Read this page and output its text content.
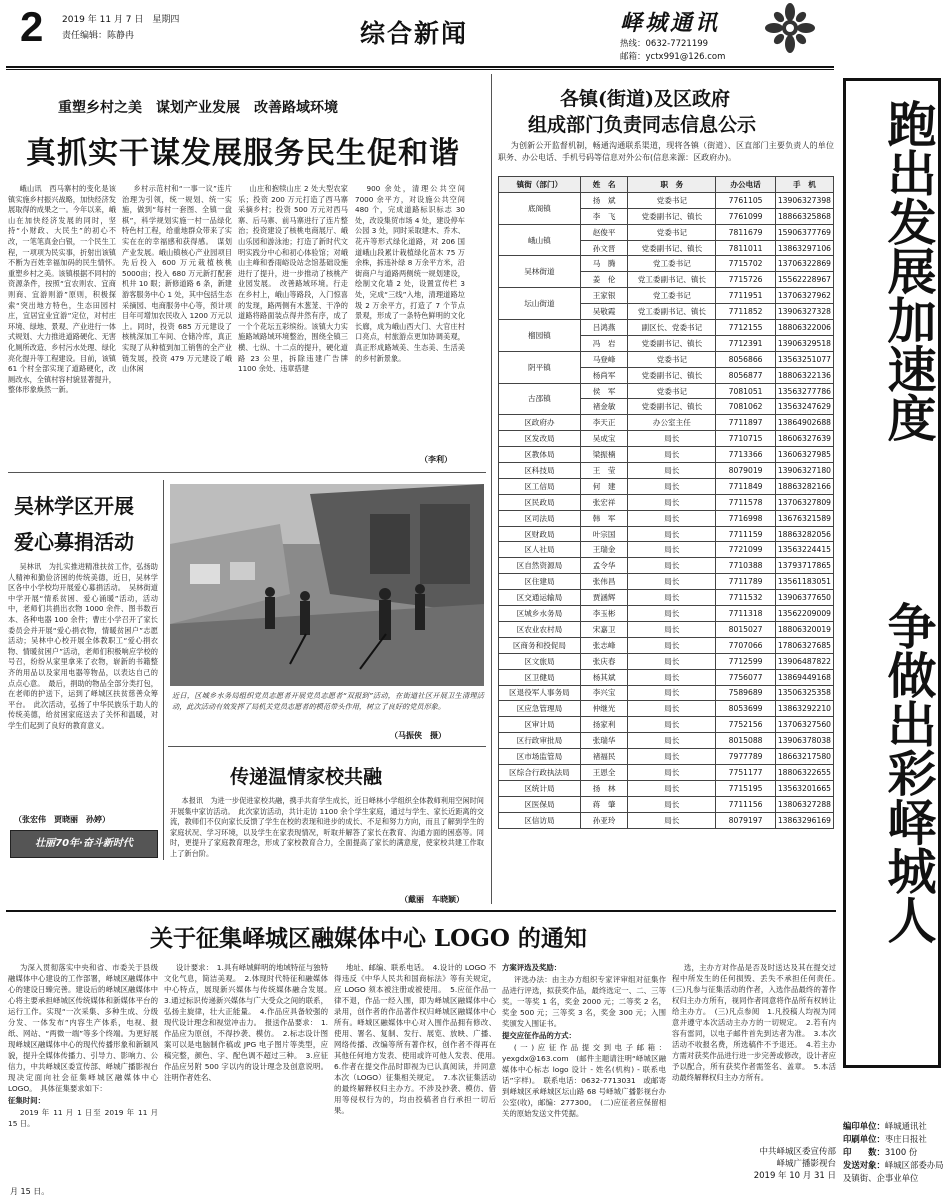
2 2019 年 11 月 7 日　星期四
责任编辑：陈静冉	综合新闻	峄城通讯
热线：0632-7721199
邮箱：yctx991@126.com
跑出发展加速度
争做出彩峄城人
重塑乡村之美　谋划产业发展　改善路域环境
真抓实干谋发展服务民生促和谐

峨山讯　西马寨村的变化是该镇实施乡村振兴战略，加快经济发展取得的成果之一。今年以来，峨山在加快经济发展的同时，坚持“小财政、大民生”的初心不改，一笔笔真金白银，一个民生工程，一项项为民实事，折射出该镇不断为百姓幸福加码的民生情怀。　重塑乡村之美。该镇根据不同村的资源条件，按照“宜农则农、宜商则商、宜游则游”原则，积极探索“突出地方特色，生态田园村庄，宜居宜业宜游”定位，对村庄环境、绿地、景观、产业进行一体式规划、大力推进道路硬化、无害化厕所改造、乡村污水处理、绿化亮化提升等工程建设。目前，该镇 61 个村全部实现了道路硬化，改厕改水，全镇村容村貌显著提升，整体形象焕然一新。

乡村示范村和“一事一议”连片治理为引领，统一规划、统一实施，做到“每村一套图、全镇一盘棋”，科学规划实施一村一品绿化特色村工程，给重地群众带来了实实在在的幸福感和获得感。　谋划产业发展。峨山镇核心产业园项目先后投入 600 万元栽植核桃 5000亩；投入 680 万元新打配套机井 10 眼；新修道路 6 条，新建游客服务中心 1 处，其中包括生态采摘园、电商服务中心等，预计项目年可增加农民收入 1200 万元以上。同时，投资 685 万元建设了核桃深加工车间、仓储冷库，真正实现了从种植到加工销售的全产业链发展，投资 479 万元建设了峨山休闲

山庄和抱犊山庄 2 处大型农家乐；投资 200 万元打造了西马寨采摘乡村；投资 500 万元对西马寨、后马寨、前马寨进行了连片整治；投资建设了核桃电商展厅、峨山乐园和游泳池；打造了新时代文明实践分中心和初心体验馆；对峨山主峰和香雨峪设站念馆基础设施进行了提升，进一步推动了核桃产业园发展。　改善路域环境。行走在乡村上，峨山等路段，入门惊喜的发现，路两侧有木葱茏、干净的道路将路面装点得井然有序，成了一个个花坛五彩缤纷。该镇大力实施路域路域环境整治，围绕全镇三横、七纵、十二点的提升，硬化道路 23 公里，拆除违建广告牌 1100 余处、违章搭建

900 余处，清理公共空间 7000 余平方，对设施公共空间 480 个，完成道路标识标志 30 处，改设集贸市场 4 处，建设停车公园 3 处，同时采取建木、乔木、花卉等形式绿化道路，对 206 国道峨山段累计栽植绿化苗木 75 万余株，拆违补绿 8 万余平方米，沿街商户与道路两侧统一规划建设，绘制文化墙 2 处，设置宣传栏 3 处，完成“三线”入地，清理道路垃圾 2 万余平方，打造了 7 个节点景观，形成了一条特色鲜明的文化长廊，成为峨山西大门、大官庄村口亮点，村旅游点更加协调美观，真正形成路域美、生态美、生活美的乡村新景象。

（李利）
吴林学区开展
爱心募捐活动

吴林讯　为扎实推进精准扶贫工作，弘扬助人精神和勤俭济困的传统美德，近日，吴林学区各中小学校均开展爱心募捐活动。　吴林街道中学开展“情系贫困、爱心涌暖”活动，活动中，老师们共捐出衣物 1000 余件、图书数百本、各种电器 100 余件；曹庄小学召开了家长委员会并开展“爱心捐衣物，情暖贫困户”志愿活动；吴林中心校开展全体教职工“爱心捐衣物、情暖贫困户”活动，老师们积极响应学校的号召，纷纷从家里拿来了衣物，崭新的书籍整齐的用品以及家用电器等物品，以表达自己的点点心意。　最后，捐助的物品全部分类打包，在老师的护送下，运到了峄城区扶贫慈善众筹平台。　此次活动，弘扬了中华民族乐于助人的传统美德，给贫困家庭送去了关怀和温暖，对学生们起到了良好的教育意义。

（张宏伟　贾晓丽　孙婷）
壮丽70年·奋斗新时代
近日，区城乡水务局组织党员志愿者开展党员志愿者“双报到”活动，在街道社区开展卫生清理活动，此次活动有效发挥了局机关党员志愿者的模范带头作用，树立了良好的党员形象。
（马振侠　摄）
传递温情家校共融

本报讯　为进一步促进家校共融，携手共育学生成长，近日峄林小学组织全体教师利用空闲时间开展集中家访活动。　此次家访活动，共计走访 1100 余个学生家庭，通过与学生、家长近距离的交流，教师们不仅向家长反馈了学生在校的表现和进步的成长、不足和努力方向，而且了解到学生的家庭状况、学习环境，以及学生在家表现情况，听取并解答了家长在教育、沟通方面的困惑等。同时，更提升了家庭教育理念，形成了家校教育合力，全面提高了家长的满意度，使家校共建工作取上了新台阶。

（戴丽　车晓颖）
各镇(街道)及区政府
组成部门负责同志信息公示

为创新公开监督机制，畅通沟通联系渠道，现将各镇（街道）、区直部门主要负责人的单位职务、办公电话、手机号码等信息对外公布(信息来源：区政府办)。

镇街（部门）	姓　名	职　务	办公电话	手　机
底阁镇	扬　斌	党委书记	7761105	13906327398
	李　飞	党委副书记、镇长	7761099	18866325868
峨山镇	赵俊平	党委书记	7811679	15906377769
	孙文晋	党委副书记、镇长	7811011	13863297106
吴林街道	马　腾	党工委书记	7715702	13706322869
	姜　伦	党工委副书记、镇长	7715726	15562228967
坛山街道	王家银	党工委书记	7711951	13706327962
	吴敬霞	党工委副书记、镇长	7711852	13906327328
榴园镇	吕鸿燕	副区长、党委书记	7712155	18806322006
	冯　岩	党委副书记、镇长	7712391	13906329518
阴平镇	马登峰	党委书记	8056866	13563251077
	杨尚军	党委副书记、镇长	8056877	18806322136
古邵镇	侯　军	党委书记	7081051	13563277786
	褚金敏	党委副书记、镇长	7081062	13563247629
区政府办	李天正	办公室主任	7711897	13864902688
区发改局	吴成宝	局长	7710715	18606327639
区教体局	梁振楠	局长	7713366	13606327985
区科技局	王　莹	局长	8079019	13906327180
区工信局	何　建	局长	7711849	18863282166
区民政局	张宏祥	局长	7711578	13706327809
区司法局	韩　军	局长	7716998	13676321589
区财政局	叶宗国	局长	7711159	18863282056
区人社局	王瑞金	局长	7721099	13563224415
区自然资源局	孟令华	局长	7710388	13793717865
区住建局	张伟昌	局长	7711789	13561183051
区交通运输局	贾涵辉	局长	7711532	13906377650
区城乡水务局	李玉彬	局长	7711318	13562209009
区农业农村局	宋嘉卫	局长	8015027	18806320019
区商务和投促局	张志峰	局长	7707066	17806327685
区文旅局	张庆春	局长	7712599	13906487822
区卫健局	杨其斌	局长	7756077	13869449168
区退役军人事务局	李兴宝	局长	7589689	13506325358
区应急管理局	仲继光	局长	8053699	13863292210
区审计局	扬家利	局长	7752156	13706327560
区行政审批局	张瑞华	局长	8015088	13906378038
区市场监管局	褚福民	局长	7977789	18663217580
区综合行政执法局	王恩全	局长	7751177	18806322655
区统计局	扬　林	局长	7715195	13563201665
区医保局	蒋　肇	局长	7711156	13806327288
区信访局	孙亚玲	局长	8079197	13863296169
关于征集峄城区融媒体中心 LOGO 的通知

为深入贯彻落实中央和省、市委关于县级融媒体中心建设的工作部署，峄城区融媒体中心的建设日臻完善。建设后的峄城区融媒体中心将主要承担峄城区传统媒体和新媒体平台的运行工作。实现“一次采集、多种生成、分级分发、一体发布”内容生产体系，电视、报纸、网站、“两微一端”等多个终端。为更好展现峄城区融媒体中心的现代传播形象和新颖风貌，提升全媒体传播力、引导力、影响力、公信力，中共峄城区委宣传部、峄城广播影视台现决定面向社会征集峄城区融媒体中心 LOGO。　具体征集要求如下：

征集时间：

2019 年 11 月 1 日至 2019 年 11 月 15 日。

设计要求：　1.具有峄城鲜明的地域特征与独特文化气息，简洁美观。　2.体现时代特征和融媒体中心特点，展现新兴媒体与传统媒体融合发展。　3.通过标识传递新兴媒体与广大受众之间的联系，弘扬主旋律，壮大正能量。　4.作品应具备较强的现代设计理念和视觉冲击力。　报送作品要求：　1.作品应为原创，不得抄袭、模仿。　2.标志设计图案可以是电脑制作稿或 JPG 电子图片等类型，应稿完整，颜色、字、配色调不超过三种。　3.应征作品应另附 500 字以内的设计理念及创意说明。注明作者姓名、

地址、邮编、联系电话。　4.设计的 LOGO 不得违反《中华人民共和国商标法》等有关规定，应 LOGO 须本被注册或被使用。　5.应征作品一律不退，作品一经入围，即为峄城区融媒体中心录用，创作者的作品著作权归峄城区融媒体中心所有。峄城区融媒体中心对入围作品拥有修改、使用、署名、复制、发行、展览、放映、广播、网络传播、改编等所有著作权，创作者不得再在其他任何地方发表、使用或许可他人发表、使用。　6.作者在提交作品时即视为已认真阅读，并同意本次（LOGO）征集相关规定。　7.本次征集活动的最终解释权归主办方。不涉及抄袭、模仿、借用等侵权行为的，均由投稿者自行承担一切后果。

方案评选及奖励：

评选办法：由主办方组织专家评审组对征集作品进行评选，拟获奖作品，最终选定一、二、三等奖。一等奖 1 名，奖金 2000 元；二等奖 2 名，奖金 500 元；三等奖 3 名，奖金 300 元；入围奖颁发入围证书。

提交应征作品的方式：

(一)应征作品提交到电子邮箱：yexgdx@163.com　(邮件主题请注明“峄城区融媒体中心标志 logo 设计 - 姓名(机构) - 联系电话”字样)。　联系电话：0632-7713031　或邮寄到峄城区承峄城区坛山路 68 号峄城广播影视台办公室(收)，邮编：277300。　(二)应征者应保留相关的原始发送文件凭据。

选，主办方对作品是否及时送达及其在提交过程中所发生的任何损毁、丢失不承担任何责任。　(三)凡参与征集活动的作者，入选作品最终的著作权归主办方所有，视同作者同意将作品所有权转让给主办方。　(三)凡点参阅　1.凡投稿人均视为同意并遵守本次活动主办方的一切规定。　2.若有内容有雷同，以电子邮件首先到达者为准。　3.本次活动不收报名费，所选稿件不予退还。　4.若主办方需对获奖作品进行进一步完善或修改，设计者应予以配合，所有获奖作者需签名、盖章。　5.本活动最终解释权归主办方所有。

中共峄城区委宣传部
峄城广播影视台
2019 年 10 月 31 日
月 15 日。
编印单位：峄城通讯社
印刷单位：枣庄日报社
印　　数：3100 份
发送对象：峄城区部委办局
及镇街、企事业单位
